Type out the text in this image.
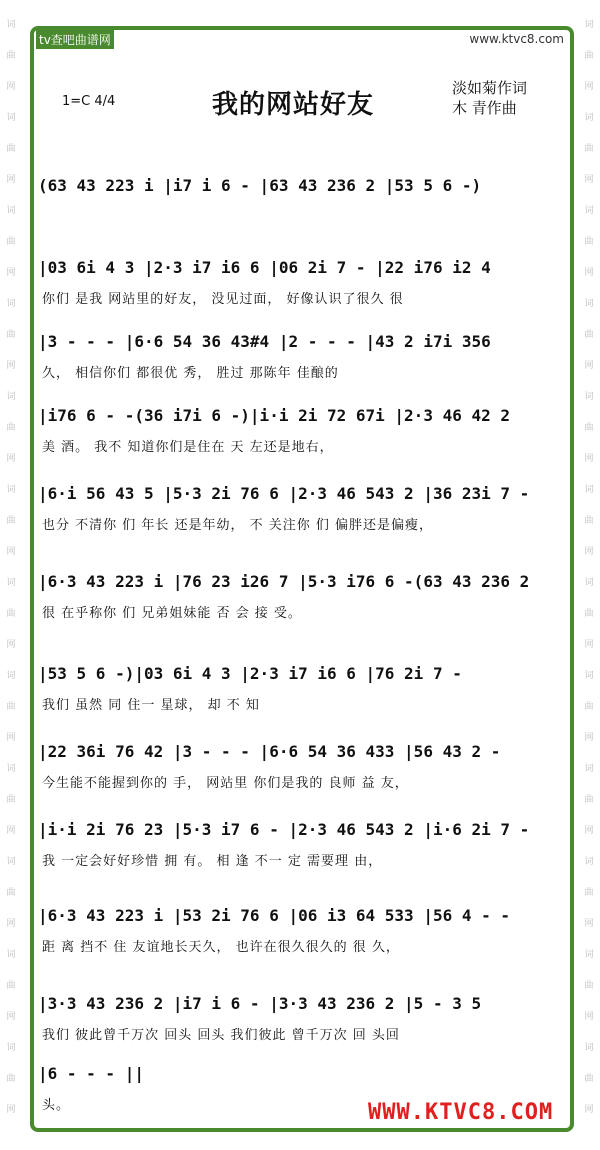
词
曲
网
词
曲
网
词
曲
网
词
曲
网
词
曲
网
词
曲
网
词
曲
网
词
曲
网
词
曲
网
词
曲
网
词
曲
网
词
曲
网
词
曲
网
词
曲
网
词
曲
网
词
曲
网
词
曲
网
词
曲
网
词
曲
网
词
曲
网
词
曲
网
词
曲
网
词
曲
网
词
曲
网
tv查吧曲谱网	www.ktvc8.com
1=C 4/4	我的网站好友
淡如菊作词
木 青作曲
(63 43 223 i |i7 i 6 - |63 43 236 2 |53 5 6 -)
|03 6i 4 3 |2·3 i7 i6 6 |06 2i 7 - |22 i76 i2 4
你们 是我 网站里的好友， 没见过面， 好像认识了很久 很
|3 - - - |6·6 54 36 43#4 |2 - - - |43 2 i7i 356
久， 相信你们 都很优 秀， 胜过 那陈年 佳酿的
|i76 6 - -(36 i7i 6 -)|i·i 2i 72 67i |2·3 46 42 2
美 酒。 我不 知道你们是住在 天 左还是地右，
|6·i 56 43 5 |5·3 2i 76 6 |2·3 46 543 2 |36 23i 7 -
也分 不清你 们 年长 还是年幼， 不 关注你 们 偏胖还是偏瘦，
|6·3 43 223 i |76 23 i26 7 |5·3 i76 6 -(63 43 236 2
很 在乎称你 们 兄弟姐妹能 否 会 接 受。
|53 5 6 -)|03 6i 4 3 |2·3 i7 i6 6 |76 2i 7 -
我们 虽然 同 住一 星球， 却 不 知
|22 36i 76 42 |3 - - - |6·6 54 36 433 |56 43 2 -
今生能不能握到你的 手， 网站里 你们是我的 良师 益 友，
|i·i 2i 76 23 |5·3 i7 6 - |2·3 46 543 2 |i·6 2i 7 -
我 一定会好好珍惜 拥 有。 相 逢 不一 定 需要理 由，
|6·3 43 223 i |53 2i 76 6 |06 i3 64 533 |56 4 - -
距 离 挡不 住 友谊地长天久， 也许在很久很久的 很 久，
|3·3 43 236 2 |i7 i 6 - |3·3 43 236 2 |5 - 3 5
我们 彼此曾千万次 回头 回头 我们彼此 曾千万次 回 头回
|6 - - - ||
头。	WWW.KTVC8.COM
